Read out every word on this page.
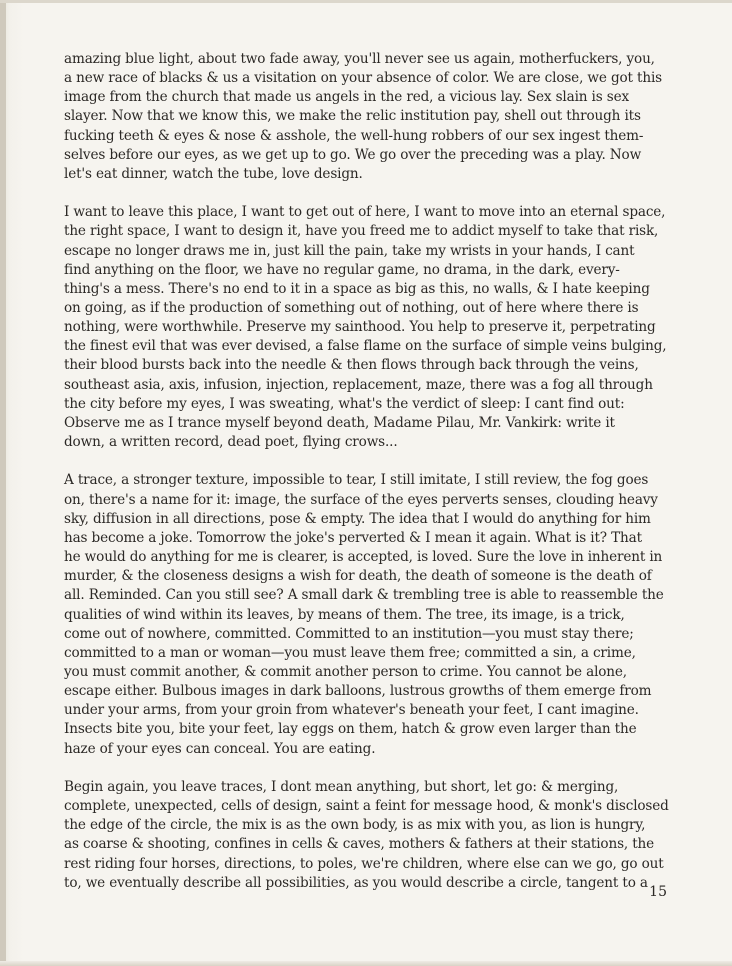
amazing blue light, about two fade away, you'll never see us again, motherfuckers, you,
a new race of blacks & us a visitation on your absence of color. We are close, we got this
image from the church that made us angels in the red, a vicious lay. Sex slain is sex
slayer. Now that we know this, we make the relic institution pay, shell out through its
fucking teeth & eyes & nose & asshole, the well-hung robbers of our sex ingest them-
selves before our eyes, as we get up to go. We go over the preceding was a play. Now
let's eat dinner, watch the tube, love design.

I want to leave this place, I want to get out of here, I want to move into an eternal space,
the right space, I want to design it, have you freed me to addict myself to take that risk,
escape no longer draws me in, just kill the pain, take my wrists in your hands, I cant
find anything on the floor, we have no regular game, no drama, in the dark, every-
thing's a mess. There's no end to it in a space as big as this, no walls, & I hate keeping
on going, as if the production of something out of nothing, out of here where there is
nothing, were worthwhile. Preserve my sainthood. You help to preserve it, perpetrating
the finest evil that was ever devised, a false flame on the surface of simple veins bulging,
their blood bursts back into the needle & then flows through back through the veins,
southeast asia, axis, infusion, injection, replacement, maze, there was a fog all through
the city before my eyes, I was sweating, what's the verdict of sleep: I cant find out:
Observe me as I trance myself beyond death, Madame Pilau, Mr. Vankirk: write it
down, a written record, dead poet, flying crows...

A trace, a stronger texture, impossible to tear, I still imitate, I still review, the fog goes
on, there's a name for it: image, the surface of the eyes perverts senses, clouding heavy
sky, diffusion in all directions, pose & empty. The idea that I would do anything for him
has become a joke. Tomorrow the joke's perverted & I mean it again. What is it? That
he would do anything for me is clearer, is accepted, is loved. Sure the love in inherent in
murder, & the closeness designs a wish for death, the death of someone is the death of
all. Reminded. Can you still see? A small dark & trembling tree is able to reassemble the
qualities of wind within its leaves, by means of them. The tree, its image, is a trick,
come out of nowhere, committed. Committed to an institution—you must stay there;
committed to a man or woman—you must leave them free; committed a sin, a crime,
you must commit another, & commit another person to crime. You cannot be alone,
escape either. Bulbous images in dark balloons, lustrous growths of them emerge from
under your arms, from your groin from whatever's beneath your feet, I cant imagine.
Insects bite you, bite your feet, lay eggs on them, hatch & grow even larger than the
haze of your eyes can conceal. You are eating.

Begin again, you leave traces, I dont mean anything, but short, let go: & merging,
complete, unexpected, cells of design, saint a feint for message hood, & monk's disclosed
the edge of the circle, the mix is as the own body, is as mix with you, as lion is hungry,
as coarse & shooting, confines in cells & caves, mothers & fathers at their stations, the
rest riding four horses, directions, to poles, we're children, where else can we go, go out
to, we eventually describe all possibilities, as you would describe a circle, tangent to a

15
